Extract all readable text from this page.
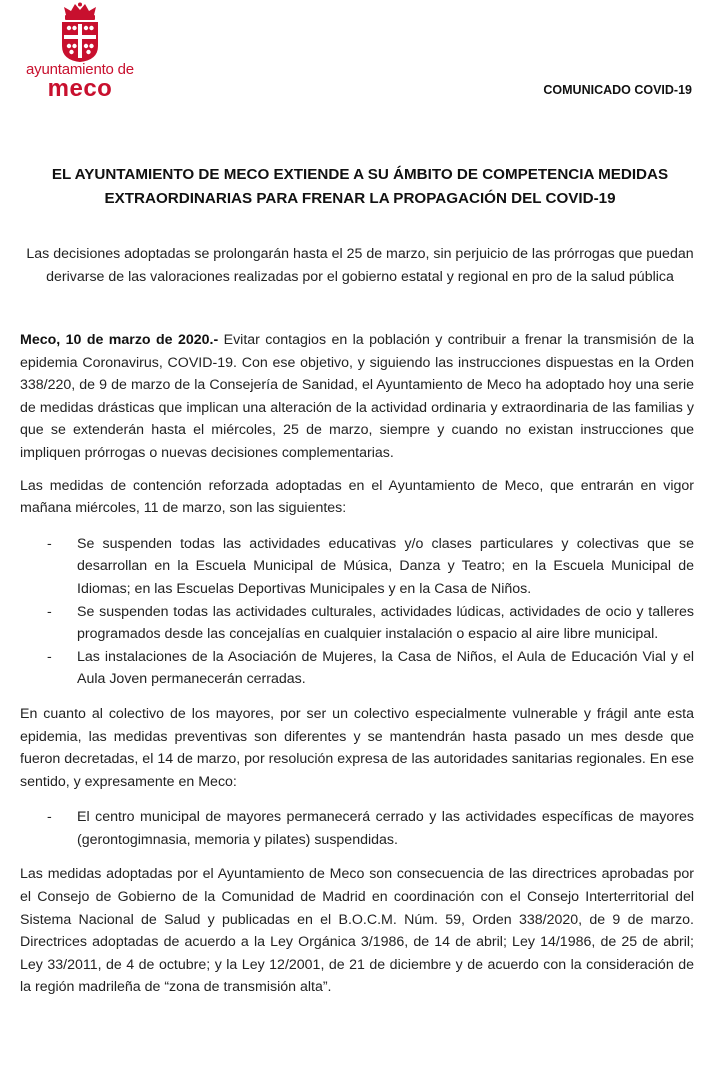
ayuntamiento de
meco	COMUNICADO COVID-19
EL AYUNTAMIENTO DE MECO EXTIENDE A SU ÁMBITO DE COMPETENCIA MEDIDAS EXTRAORDINARIAS PARA FRENAR LA PROPAGACIÓN DEL COVID-19
Las decisiones adoptadas se prolongarán hasta el 25 de marzo, sin perjuicio de las prórrogas que puedan derivarse de las valoraciones realizadas por el gobierno estatal y regional en pro de la salud pública

Meco, 10 de marzo de 2020.- Evitar contagios en la población y contribuir a frenar la transmisión de la epidemia Coronavirus, COVID-19. Con ese objetivo, y siguiendo las instrucciones dispuestas en la Orden 338/220, de 9 de marzo de la Consejería de Sanidad, el Ayuntamiento de Meco ha adoptado hoy una serie de medidas drásticas que implican una alteración de la actividad ordinaria y extraordinaria de las familias y que se extenderán hasta el miércoles, 25 de marzo, siempre y cuando no existan instrucciones que impliquen prórrogas o nuevas decisiones complementarias.

Las medidas de contención reforzada adoptadas en el Ayuntamiento de Meco, que entrarán en vigor mañana miércoles, 11 de marzo, son las siguientes:

- Se suspenden todas las actividades educativas y/o clases particulares y colectivas que se desarrollan en la Escuela Municipal de Música, Danza y Teatro; en la Escuela Municipal de Idiomas; en las Escuelas Deportivas Municipales y en la Casa de Niños.
- Se suspenden todas las actividades culturales, actividades lúdicas, actividades de ocio y talleres programados desde las concejalías en cualquier instalación o espacio al aire libre municipal.
- Las instalaciones de la Asociación de Mujeres, la Casa de Niños, el Aula de Educación Vial y el Aula Joven permanecerán cerradas.

En cuanto al colectivo de los mayores, por ser un colectivo especialmente vulnerable y frágil ante esta epidemia, las medidas preventivas son diferentes y se mantendrán hasta pasado un mes desde que fueron decretadas, el 14 de marzo, por resolución expresa de las autoridades sanitarias regionales. En ese sentido, y expresamente en Meco:

- El centro municipal de mayores permanecerá cerrado y las actividades específicas de mayores (gerontogimnasia, memoria y pilates) suspendidas.

Las medidas adoptadas por el Ayuntamiento de Meco son consecuencia de las directrices aprobadas por el Consejo de Gobierno de la Comunidad de Madrid en coordinación con el Consejo Interterritorial del Sistema Nacional de Salud y publicadas en el B.O.C.M. Núm. 59, Orden 338/2020, de 9 de marzo. Directrices adoptadas de acuerdo a la Ley Orgánica 3/1986, de 14 de abril; Ley 14/1986, de 25 de abril; Ley 33/2011, de 4 de octubre; y la Ley 12/2001, de 21 de diciembre y de acuerdo con la consideración de la región madrileña de “zona de transmisión alta”.
